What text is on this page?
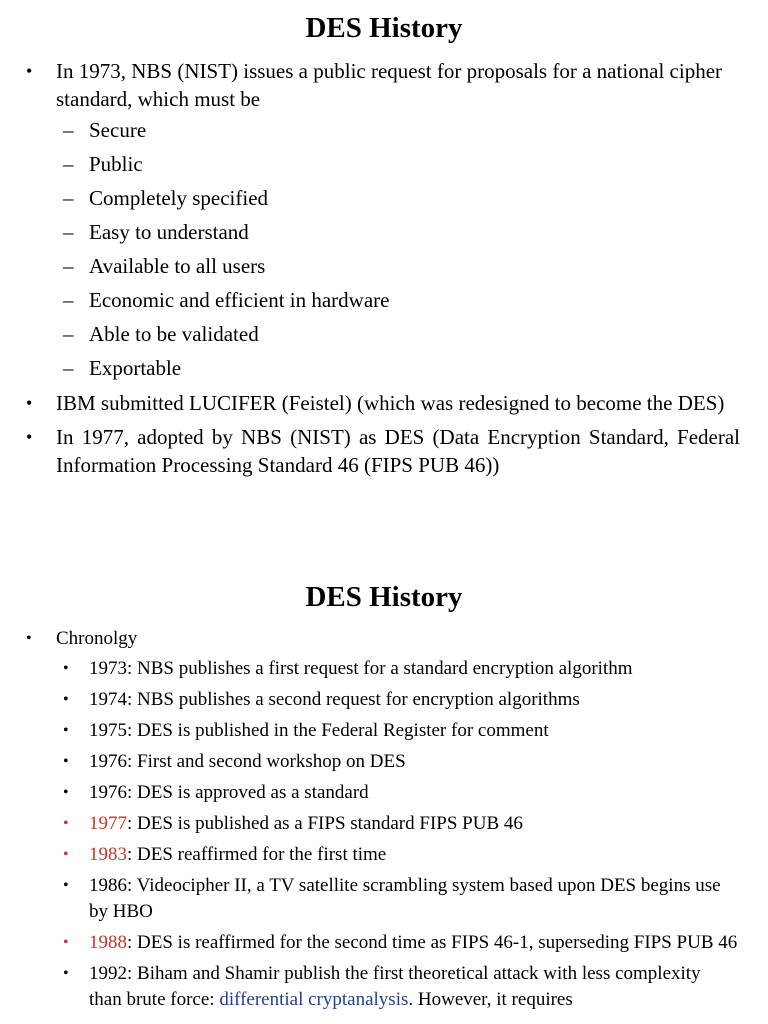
DES History
• In 1973, NBS (NIST) issues a public request for proposals for a national cipher standard, which must be
– Secure
– Public
– Completely specified
– Easy to understand
– Available to all users
– Economic and efficient in hardware
– Able to be validated
– Exportable
• IBM submitted LUCIFER (Feistel) (which was redesigned to become the DES)
• In 1977, adopted by NBS (NIST) as DES (Data Encryption Standard, Federal Information Processing Standard 46 (FIPS PUB 46))
DES History
• Chronolgy
• 1973: NBS publishes a first request for a standard encryption algorithm
• 1974: NBS publishes a second request for encryption algorithms
• 1975: DES is published in the Federal Register for comment
• 1976: First and second workshop on DES
• 1976: DES is approved as a standard
• 1977: DES is published as a FIPS standard FIPS PUB 46
• 1983: DES reaffirmed for the first time
• 1986: Videocipher II, a TV satellite scrambling system based upon DES begins use by HBO
• 1988: DES is reaffirmed for the second time as FIPS 46-1, superseding FIPS PUB 46
• 1992: Biham and Shamir publish the first theoretical attack with less complexity than brute force: differential cryptanalysis. However, it requires
